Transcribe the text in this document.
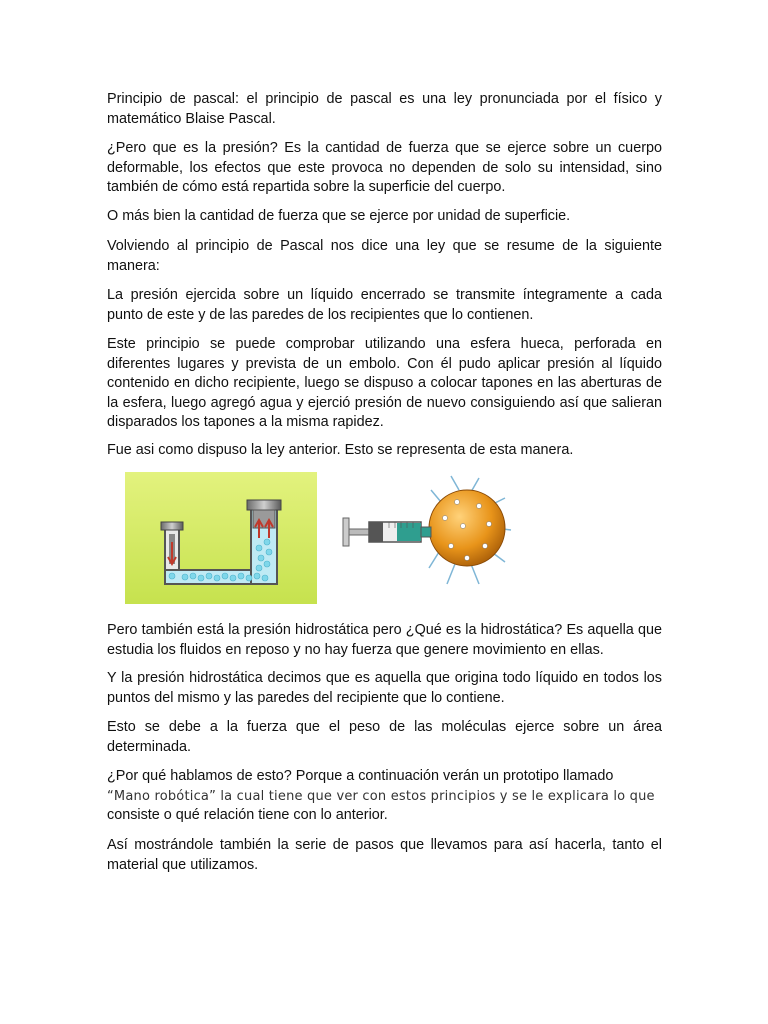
Principio de pascal: el principio de pascal es una ley pronunciada por el físico y matemático Blaise Pascal.

¿Pero que es la presión? Es la cantidad de fuerza que se ejerce sobre un cuerpo deformable, los efectos que este provoca no dependen de solo su intensidad, sino también de cómo está repartida sobre la superficie del cuerpo.

O más bien la cantidad de fuerza que se ejerce por unidad de superficie.

Volviendo al principio de Pascal nos dice una ley que se resume de la siguiente manera:

La presión ejercida sobre un líquido encerrado se transmite íntegramente a cada punto de este y de las paredes de los recipientes que lo contienen.

Este principio se puede comprobar utilizando una esfera hueca, perforada en diferentes lugares y prevista de un embolo. Con él pudo aplicar presión al líquido contenido en dicho recipiente, luego se dispuso a colocar tapones en las aberturas de la esfera, luego agregó agua y ejerció presión de nuevo consiguiendo así que salieran disparados los tapones a la misma rapidez.

Fue asi como dispuso la ley anterior. Esto se representa de esta manera.

Pero también está la presión hidrostática pero ¿Qué es la hidrostática? Es aquella que estudia los fluidos en reposo y no hay fuerza que genere movimiento en ellas.

Y la presión hidrostática decimos que es aquella que origina todo líquido en todos los puntos del mismo y las paredes del recipiente que lo contiene.

Esto se debe a la fuerza que el peso de las moléculas ejerce sobre un área determinada.

¿Por qué hablamos de esto? Porque a continuación verán un prototipo llamado
“Mano robótica” la cual tiene que ver con estos principios y se le explicara lo que
consiste o qué relación tiene con lo anterior.

Así mostrándole también la serie de pasos que llevamos para así hacerla, tanto el material que utilizamos.
